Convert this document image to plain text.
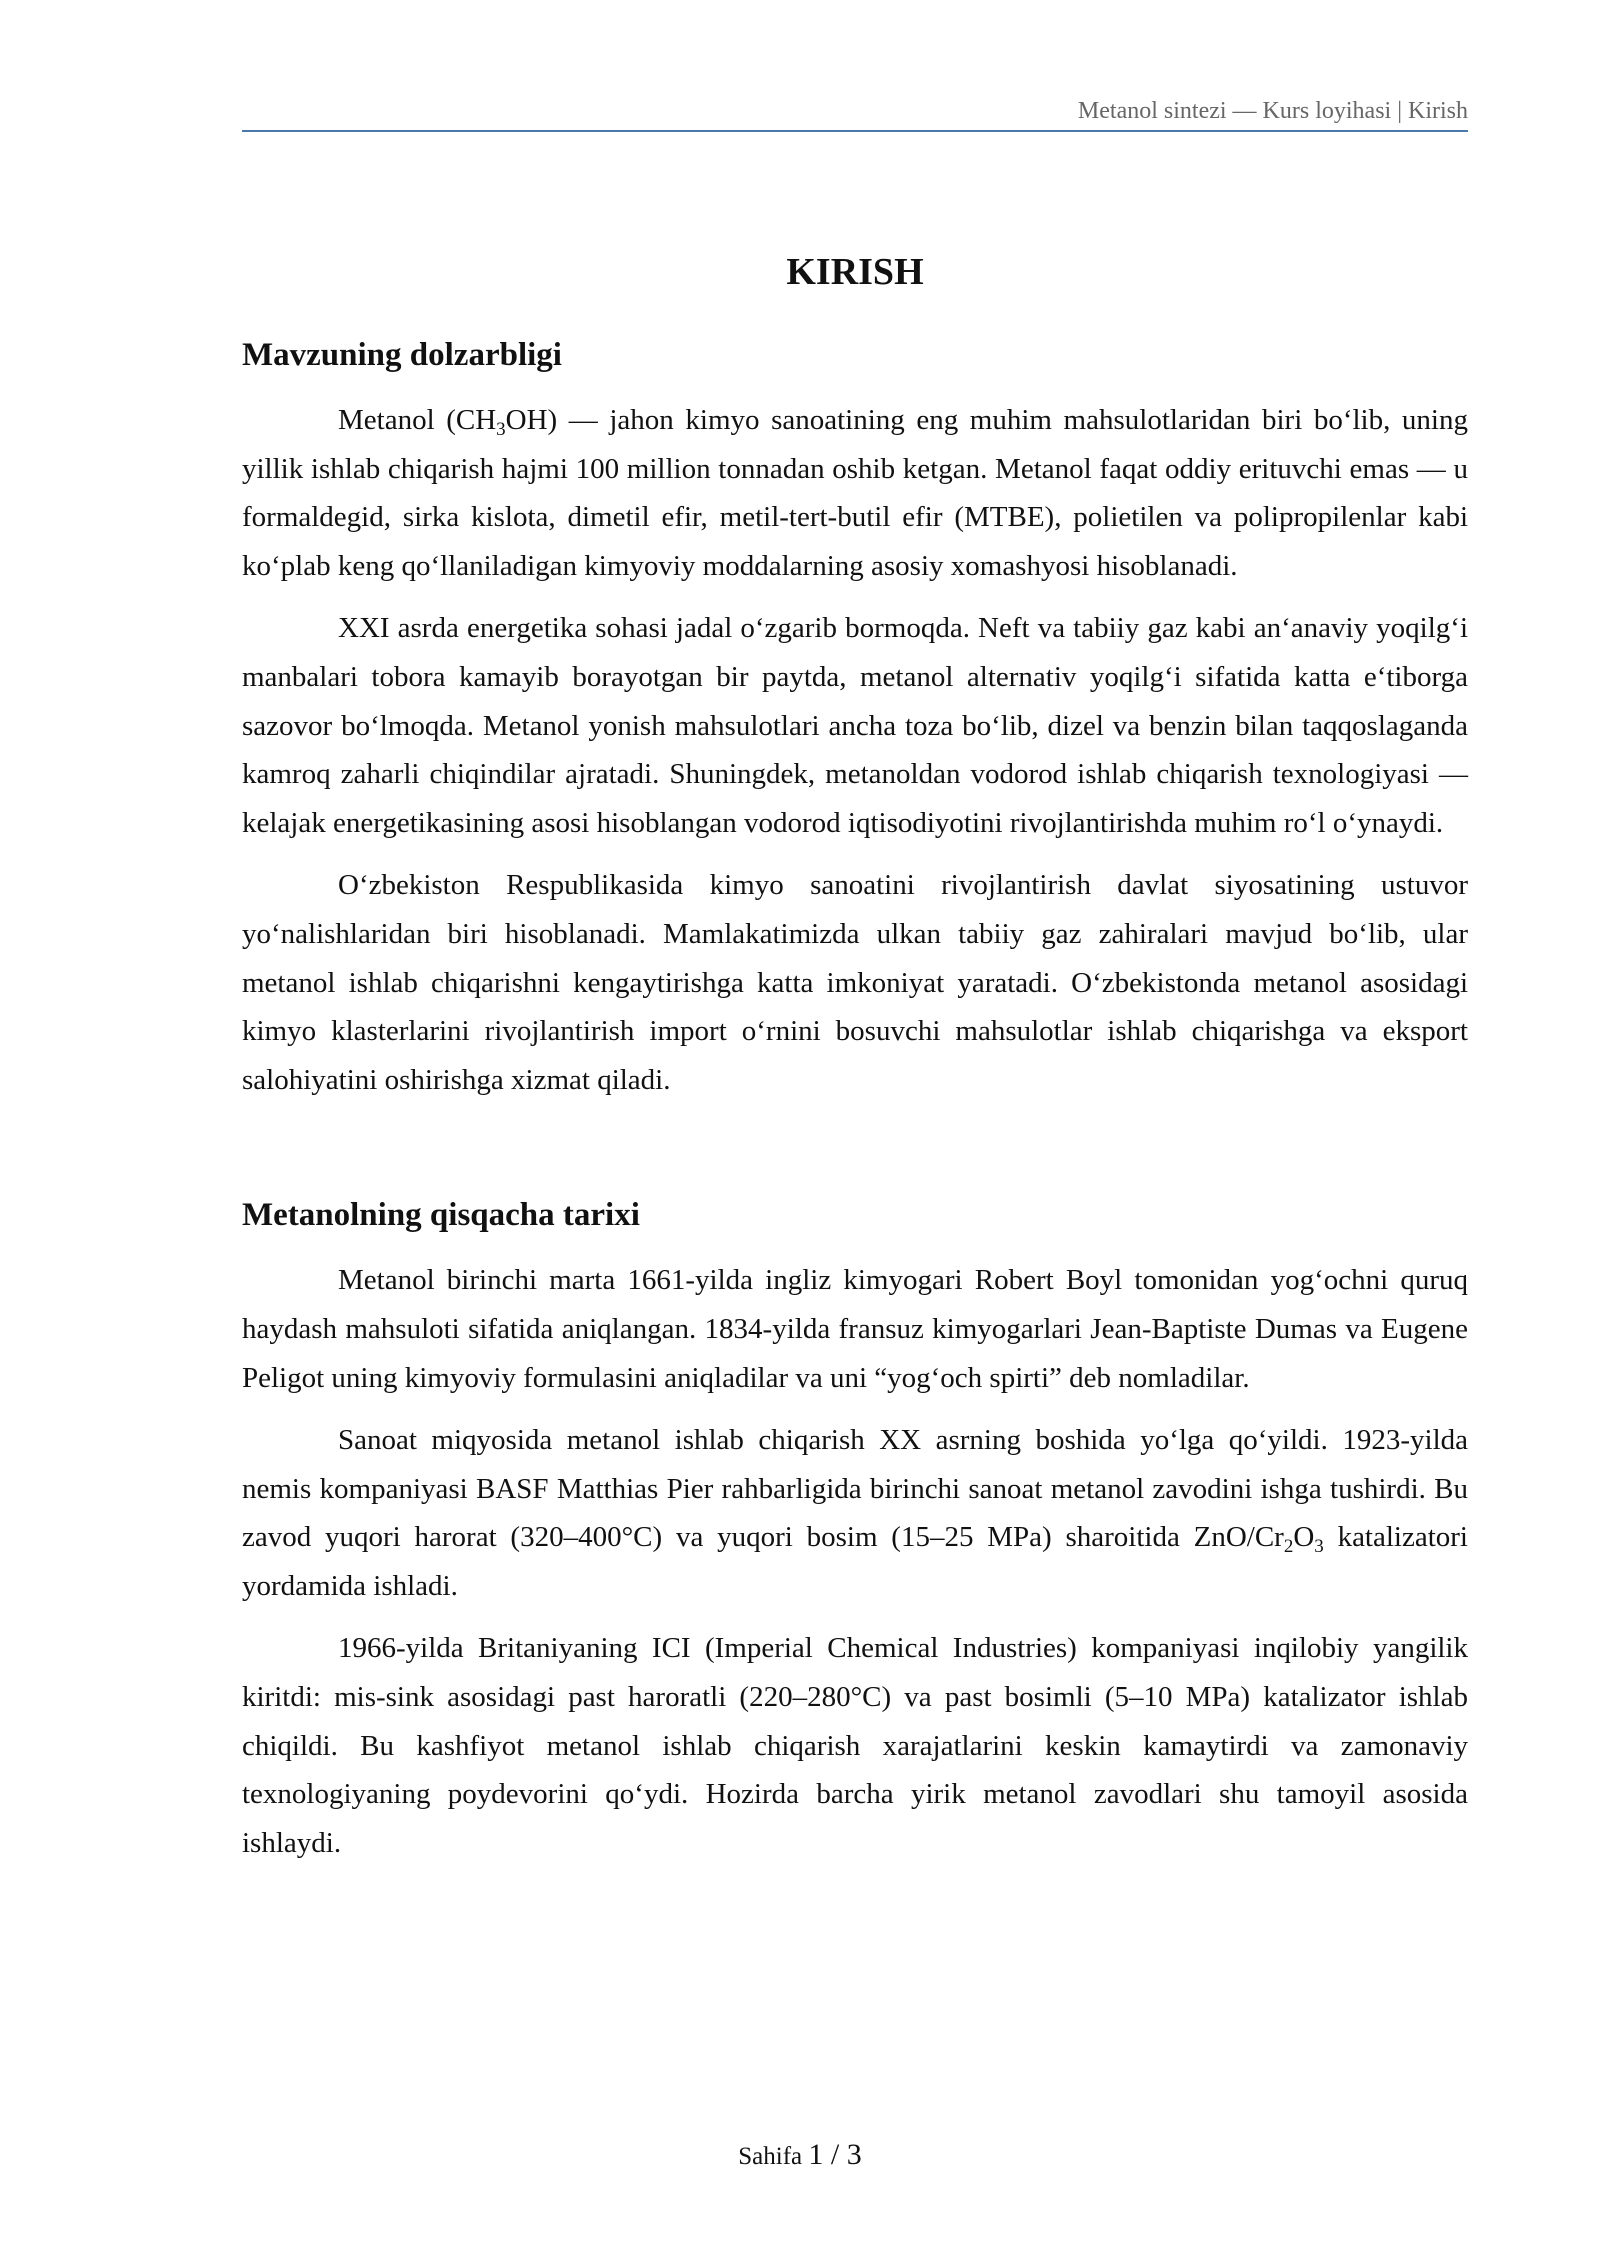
Metanol sintezi — Kurs loyihasi | Kirish
KIRISH
Mavzuning dolzarbligi

Metanol $(CH_3OH)$ — jahon kimyo sanoatining eng muhim mahsulotlaridan biri bo‘lib, uning yillik ishlab chiqarish hajmi 100 million tonnadan oshib ketgan. Metanol faqat oddiy erituvchi emas — u formaldegid, sirka kislota, dimetil efir, metil-tert-butil efir (MTBE), polietilen va polipropilenlar kabi ko‘plab keng qo‘llaniladigan kimyoviy moddalarning asosiy xomashyosi hisoblanadi.

XXI asrda energetika sohasi jadal o‘zgarib bormoqda. Neft va tabiiy gaz kabi an‘anaviy yoqilg‘i manbalari tobora kamayib borayotgan bir paytda, metanol alternativ yoqilg‘i sifatida katta e‘tiborga sazovor bo‘lmoqda. Metanol yonish mahsulotlari ancha toza bo‘lib, dizel va benzin bilan taqqoslaganda kamroq zaharli chiqindilar ajratadi. Shuningdek, metanoldan vodorod ishlab chiqarish texnologiyasi — kelajak energetikasining asosi hisoblangan vodorod iqtisodiyotini rivojlantirishda muhim ro‘l o‘ynaydi.

O‘zbekiston Respublikasida kimyo sanoatini rivojlantirish davlat siyosatining ustuvor yo‘nalishlaridan biri hisoblanadi. Mamlakatimizda ulkan tabiiy gaz zahiralari mavjud bo‘lib, ular metanol ishlab chiqarishni kengaytirishga katta imkoniyat yaratadi. O‘zbekistonda metanol asosidagi kimyo klasterlarini rivojlantirish import o‘rnini bosuvchi mahsulotlar ishlab chiqarishga va eksport salohiyatini oshirishga xizmat qiladi.

Metanolning qisqacha tarixi

Metanol birinchi marta 1661-yilda ingliz kimyogari Robert Boyl tomonidan yog‘ochni quruq haydash mahsuloti sifatida aniqlangan. 1834-yilda fransuz kimyogarlari Jean-Baptiste Dumas va Eugene Peligot uning kimyoviy formulasini aniqladilar va uni “yog‘och spirti” deb nomladilar.

Sanoat miqyosida metanol ishlab chiqarish XX asrning boshida yo‘lga qo‘yildi. 1923-yilda nemis kompaniyasi BASF Matthias Pier rahbarligida birinchi sanoat metanol zavodini ishga tushirdi. Bu zavod yuqori harorat (320–400°C) va yuqori bosim (15–25 MPa) sharoitida ZnO/$Cr_2O_3$ katalizatori yordamida ishladi.

1966-yilda Britaniyaning ICI (Imperial Chemical Industries) kompaniyasi inqilobiy yangilik kiritdi: mis-sink asosidagi past haroratli (220–280°C) va past bosimli (5–10 MPa) katalizator ishlab chiqildi. Bu kashfiyot metanol ishlab chiqarish xarajatlarini keskin kamaytirdi va zamonaviy texnologiyaning poydevorini qo‘ydi. Hozirda barcha yirik metanol zavodlari shu tamoyil asosida ishlaydi.

Sahifa 1 / 3
